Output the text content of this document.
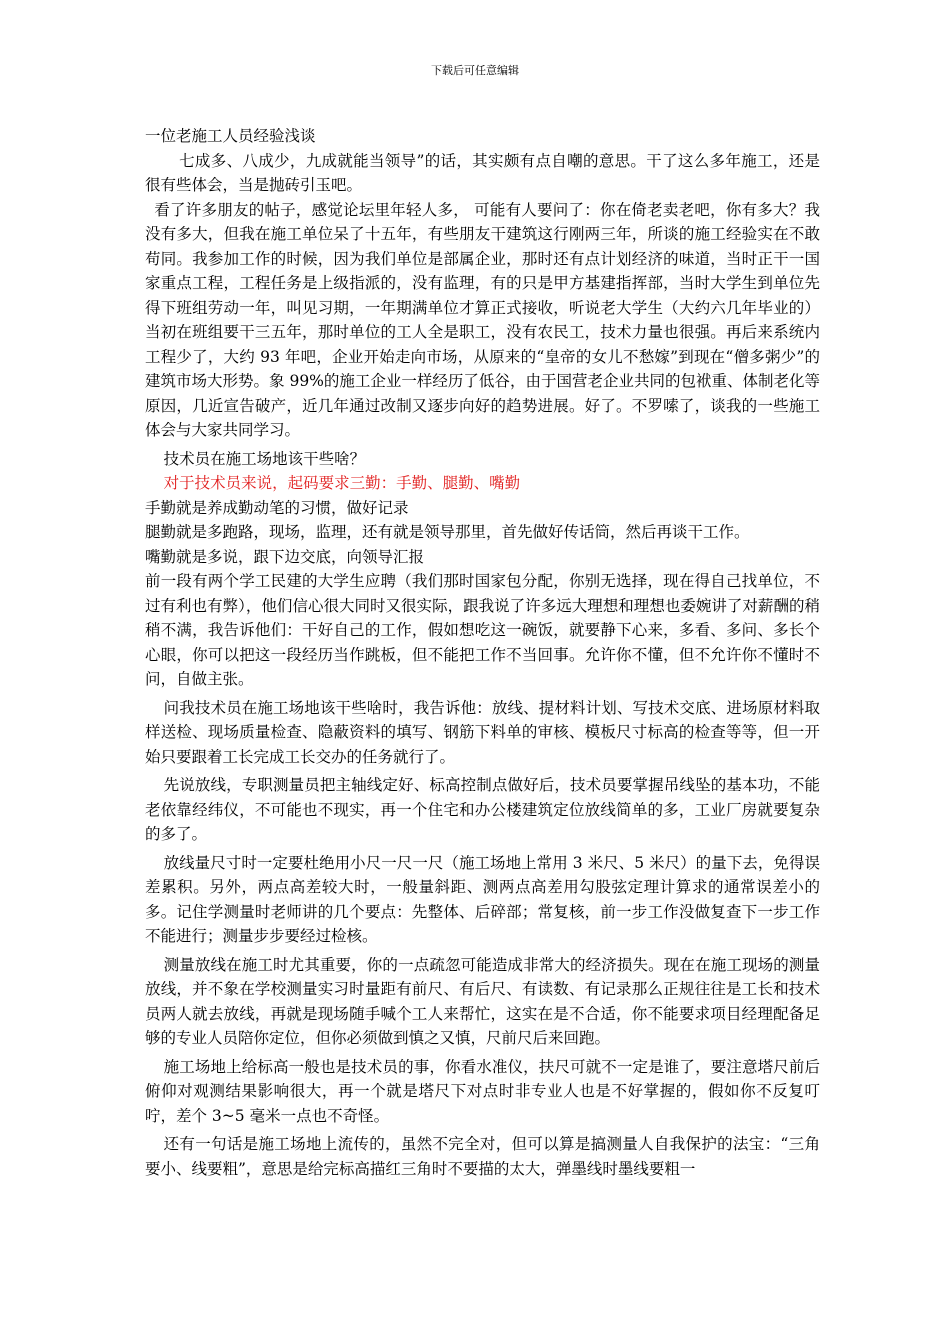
下载后可任意编辑

一位老施工人员经验浅谈

七成多、八成少，九成就能当领导”的话，其实颇有点自嘲的意思。干了这么多年施工，还是很有些体会，当是抛砖引玉吧。

看了许多朋友的帖子，感觉论坛里年轻人多， 可能有人要问了：你在倚老卖老吧，你有多大？我没有多大，但我在施工单位呆了十五年，有些朋友干建筑这行刚两三年，所谈的施工经验实在不敢苟同。我参加工作的时候，因为我们单位是部属企业，那时还有点计划经济的味道，当时正干一国家重点工程，工程任务是上级指派的，没有监理，有的只是甲方基建指挥部，当时大学生到单位先得下班组劳动一年，叫见习期，一年期满单位才算正式接收，听说老大学生（大约六几年毕业的）当初在班组要干三五年，那时单位的工人全是职工，没有农民工，技术力量也很强。再后来系统内工程少了，大约 93 年吧，企业开始走向市场，从原来的“皇帝的女儿不愁嫁”到现在“僧多粥少”的建筑市场大形势。象 99%的施工企业一样经历了低谷，由于国营老企业共同的包袱重、体制老化等原因，几近宣告破产，近几年通过改制又逐步向好的趋势进展。好了。不罗嗦了，谈我的一些施工体会与大家共同学习。

技术员在施工场地该干些啥？

对于技术员来说，起码要求三勤：手勤、腿勤、嘴勤

手勤就是养成勤动笔的习惯，做好记录

腿勤就是多跑路，现场，监理，还有就是领导那里，首先做好传话筒，然后再谈干工作。

嘴勤就是多说，跟下边交底，向领导汇报

前一段有两个学工民建的大学生应聘（我们那时国家包分配，你别无选择，现在得自己找单位，不过有利也有弊），他们信心很大同时又很实际，跟我说了许多远大理想和理想也委婉讲了对薪酬的稍稍不满，我告诉他们：干好自己的工作，假如想吃这一碗饭，就要静下心来，多看、多问、多长个心眼，你可以把这一段经历当作跳板，但不能把工作不当回事。允许你不懂，但不允许你不懂时不问，自做主张。

问我技术员在施工场地该干些啥时，我告诉他：放线、提材料计划、写技术交底、进场原材料取样送检、现场质量检查、隐蔽资料的填写、钢筋下料单的审核、模板尺寸标高的检查等等，但一开始只要跟着工长完成工长交办的任务就行了。

先说放线，专职测量员把主轴线定好、标高控制点做好后，技术员要掌握吊线坠的基本功，不能老依靠经纬仪，不可能也不现实，再一个住宅和办公楼建筑定位放线简单的多，工业厂房就要复杂的多了。

放线量尺寸时一定要杜绝用小尺一尺一尺（施工场地上常用 3 米尺、5 米尺）的量下去，免得误差累积。另外，两点高差较大时，一般量斜距、测两点高差用勾股弦定理计算求的通常误差小的多。记住学测量时老师讲的几个要点：先整体、后碎部；常复核，前一步工作没做复查下一步工作不能进行；测量步步要经过检核。

测量放线在施工时尤其重要，你的一点疏忽可能造成非常大的经济损失。现在在施工现场的测量放线，并不象在学校测量实习时量距有前尺、有后尺、有读数、有记录那么正规往往是工长和技术员两人就去放线，再就是现场随手喊个工人来帮忙，这实在是不合适，你不能要求项目经理配备足够的专业人员陪你定位，但你必须做到慎之又慎，尺前尺后来回跑。

施工场地上给标高一般也是技术员的事，你看水准仪，扶尺可就不一定是谁了，要注意塔尺前后俯仰对观测结果影响很大，再一个就是塔尺下对点时非专业人也是不好掌握的，假如你不反复叮咛，差个 3~5 毫米一点也不奇怪。

还有一句话是施工场地上流传的，虽然不完全对，但可以算是搞测量人自我保护的法宝：“三角要小、线要粗”，意思是给完标高描红三角时不要描的太大，弹墨线时墨线要粗一
